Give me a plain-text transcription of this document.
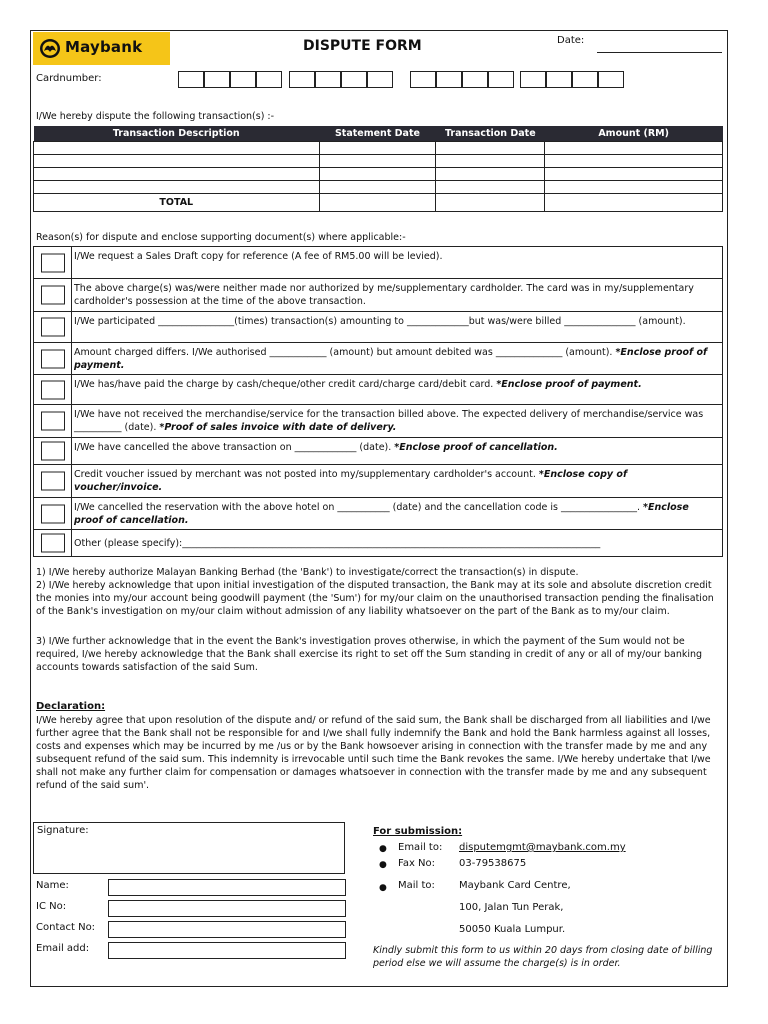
Maybank	DISPUTE FORM	Date:
Cardnumber:
I/We hereby dispute the following transaction(s) :-
Transaction Description	Statement Date	Transaction Date	Amount (RM)

TOTAL			
Reason(s) for dispute and enclose supporting document(s) where applicable:-
I/We request a Sales Draft copy for reference (A fee of RM5.00 will be levied).
The above charge(s) was/were neither made nor authorized by me/supplementary cardholder. The card was in my/supplementary cardholder's possession at the time of the above transaction.
I/We participated ________________(times) transaction(s) amounting to _____________but was/were billed _______________ (amount).
Amount charged differs. I/We authorised ____________ (amount) but amount debited was ______________ (amount). *Enclose proof of payment.
I/We has/have paid the charge by cash/cheque/other credit card/charge card/debit card. *Enclose proof of payment.
I/We have not received the merchandise/service for the transaction billed above. The expected delivery of merchandise/service was __________ (date). *Proof of sales invoice with date of delivery.
I/We have cancelled the above transaction on _____________ (date). *Enclose proof of cancellation.
Credit voucher issued by merchant was not posted into my/supplementary cardholder's account. *Enclose copy of voucher/invoice.
I/We cancelled the reservation with the above hotel on ___________ (date) and the cancellation code is ________________. *Enclose proof of cancellation.
Other (please specify):________________________________________________________________________________________
1) I/We hereby authorize Malayan Banking Berhad (the 'Bank') to investigate/correct the transaction(s) in dispute.
2) I/We hereby acknowledge that upon initial investigation of the disputed transaction, the Bank may at its sole and absolute discretion credit the monies into my/our account being goodwill payment (the 'Sum') for my/our claim on the unauthorised transaction pending the finalisation of the Bank's investigation on my/our claim without admission of any liability whatsoever on the part of the Bank as to my/our claim.
3) I/We further acknowledge that in the event the Bank's investigation proves otherwise, in which the payment of the Sum would not be required, I/we hereby acknowledge that the Bank shall exercise its right to set off the Sum standing in credit of any or all of my/our banking accounts towards satisfaction of the said Sum.
Declaration:
I/We hereby agree that upon resolution of the dispute and/ or refund of the said sum, the Bank shall be discharged from all liabilities and I/we further agree that the Bank shall not be responsible for and I/we shall fully indemnify the Bank and hold the Bank harmless against all losses, costs and expenses which may be incurred by me /us or by the Bank howsoever arising in connection with the transfer made by me and any subsequent refund of the said sum. This indemnity is irrevocable until such time the Bank revokes the same. I/We hereby undertake that I/we shall not make any further claim for compensation or damages whatsoever in connection with the transfer made by me and any subsequent refund of the said sum'.
Signature:
Name:
IC No:
Contact No:
Email add:
For submission:
● Email to: disputemgmt@maybank.com.my
● Fax No: 03-79538675
● Mail to: Maybank Card Centre,
100, Jalan Tun Perak,
50050 Kuala Lumpur.
Kindly submit this form to us within 20 days from closing date of billing period else we will assume the charge(s) is in order.
